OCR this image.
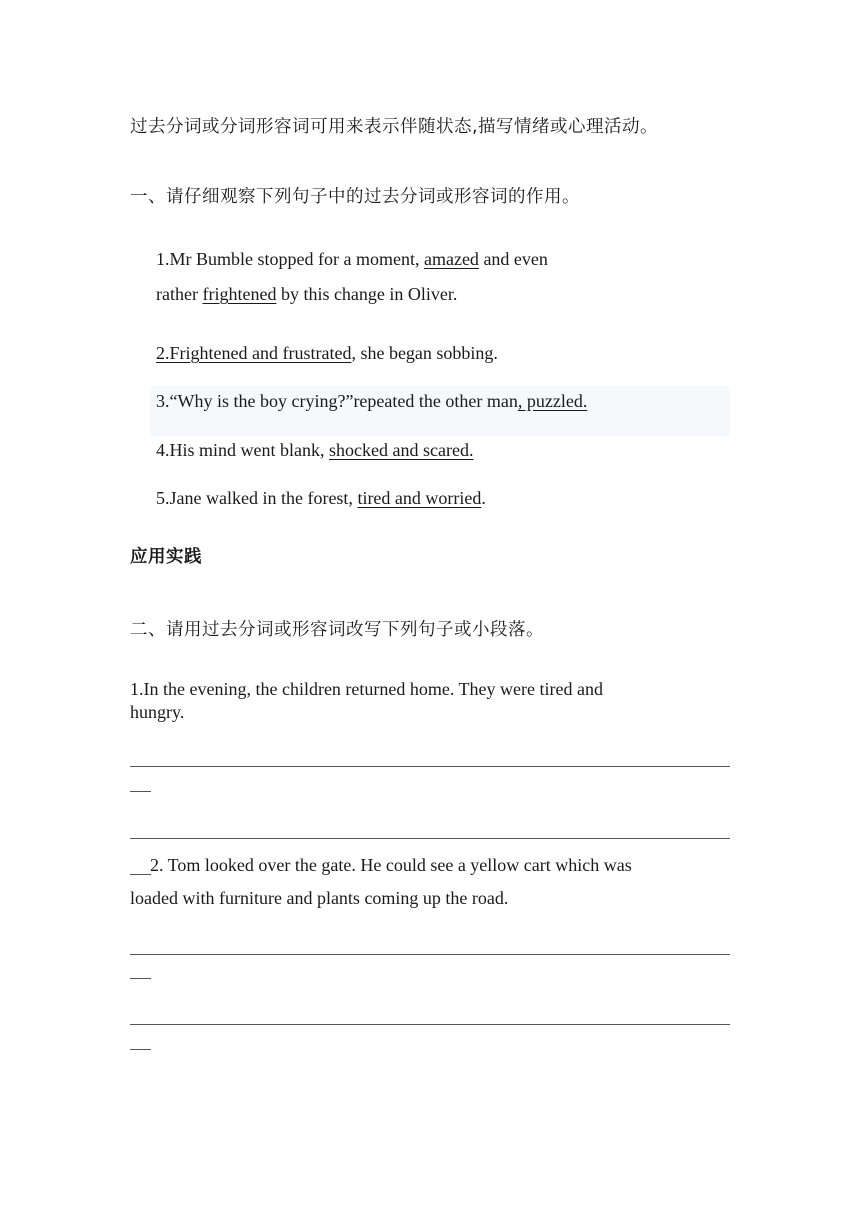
过去分词或分词形容词可用来表示伴随状态,描写情绪或心理活动。
一、请仔细观察下列句子中的过去分词或形容词的作用。
1.Mr Bumble stopped for a moment, amazed and even
rather frightened by this change in Oliver.
2.Frightened and frustrated, she began sobbing.
3.“Why is the boy crying?”repeated the other man, puzzled.
4.His mind went blank, shocked and scared.
5.Jane walked in the forest, tired and worried.
应用实践
二、请用过去分词或形容词改写下列句子或小段落。
1.In the evening, the children returned home. They were tired and
hungry.
2. Tom looked over the gate. He could see a yellow cart which was
loaded with furniture and plants coming up the road.
